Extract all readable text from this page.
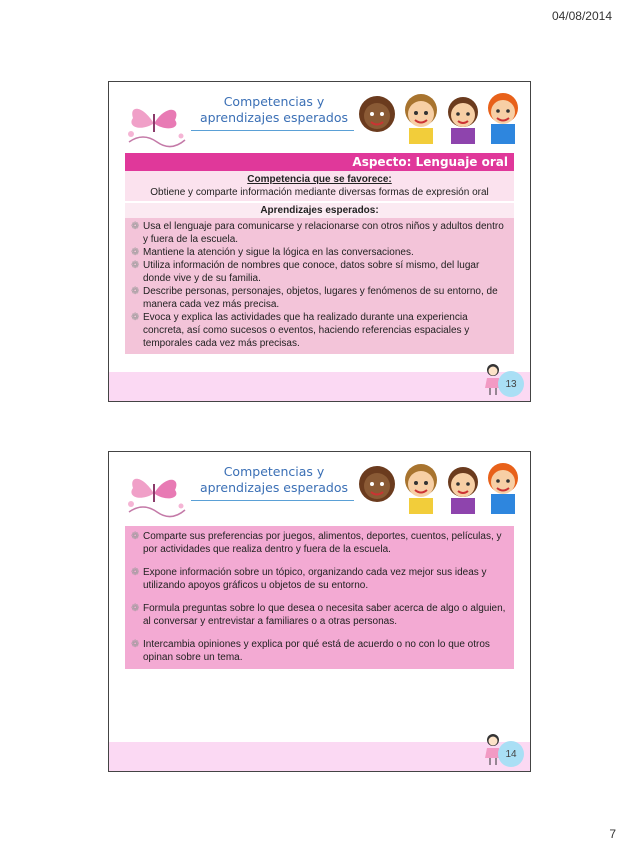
04/08/2014
Competencias y
aprendizajes esperados
Aspecto: Lenguaje oral
Competencia que se favorece:
Obtiene y comparte información mediante diversas formas de expresión oral
Aprendizajes esperados:
❁ Usa el lenguaje para comunicarse y relacionarse con otros niños y adultos dentro y fuera de la escuela.
❁ Mantiene la atención y sigue la lógica en las conversaciones.
❁ Utiliza información de nombres que conoce, datos sobre sí mismo, del lugar donde vive y de su familia.
❁ Describe personas, personajes, objetos, lugares y fenómenos de su entorno, de manera cada vez más precisa.
❁ Evoca y explica las actividades que ha realizado durante una experiencia concreta, así como sucesos o eventos, haciendo referencias espaciales y temporales cada vez más precisas.
13
Competencias y
aprendizajes esperados
❁ Comparte sus preferencias por juegos, alimentos, deportes, cuentos, películas, y por actividades que realiza dentro y fuera de la escuela.
❁ Expone información sobre un tópico, organizando cada vez mejor sus ideas y utilizando apoyos gráficos u objetos de su entorno.
❁ Formula preguntas sobre lo que desea o necesita saber acerca de algo o alguien, al conversar y entrevistar a familiares o a otras personas.
❁ Intercambia opiniones y explica por qué está de acuerdo o no con lo que otros opinan sobre un tema.
14
7
